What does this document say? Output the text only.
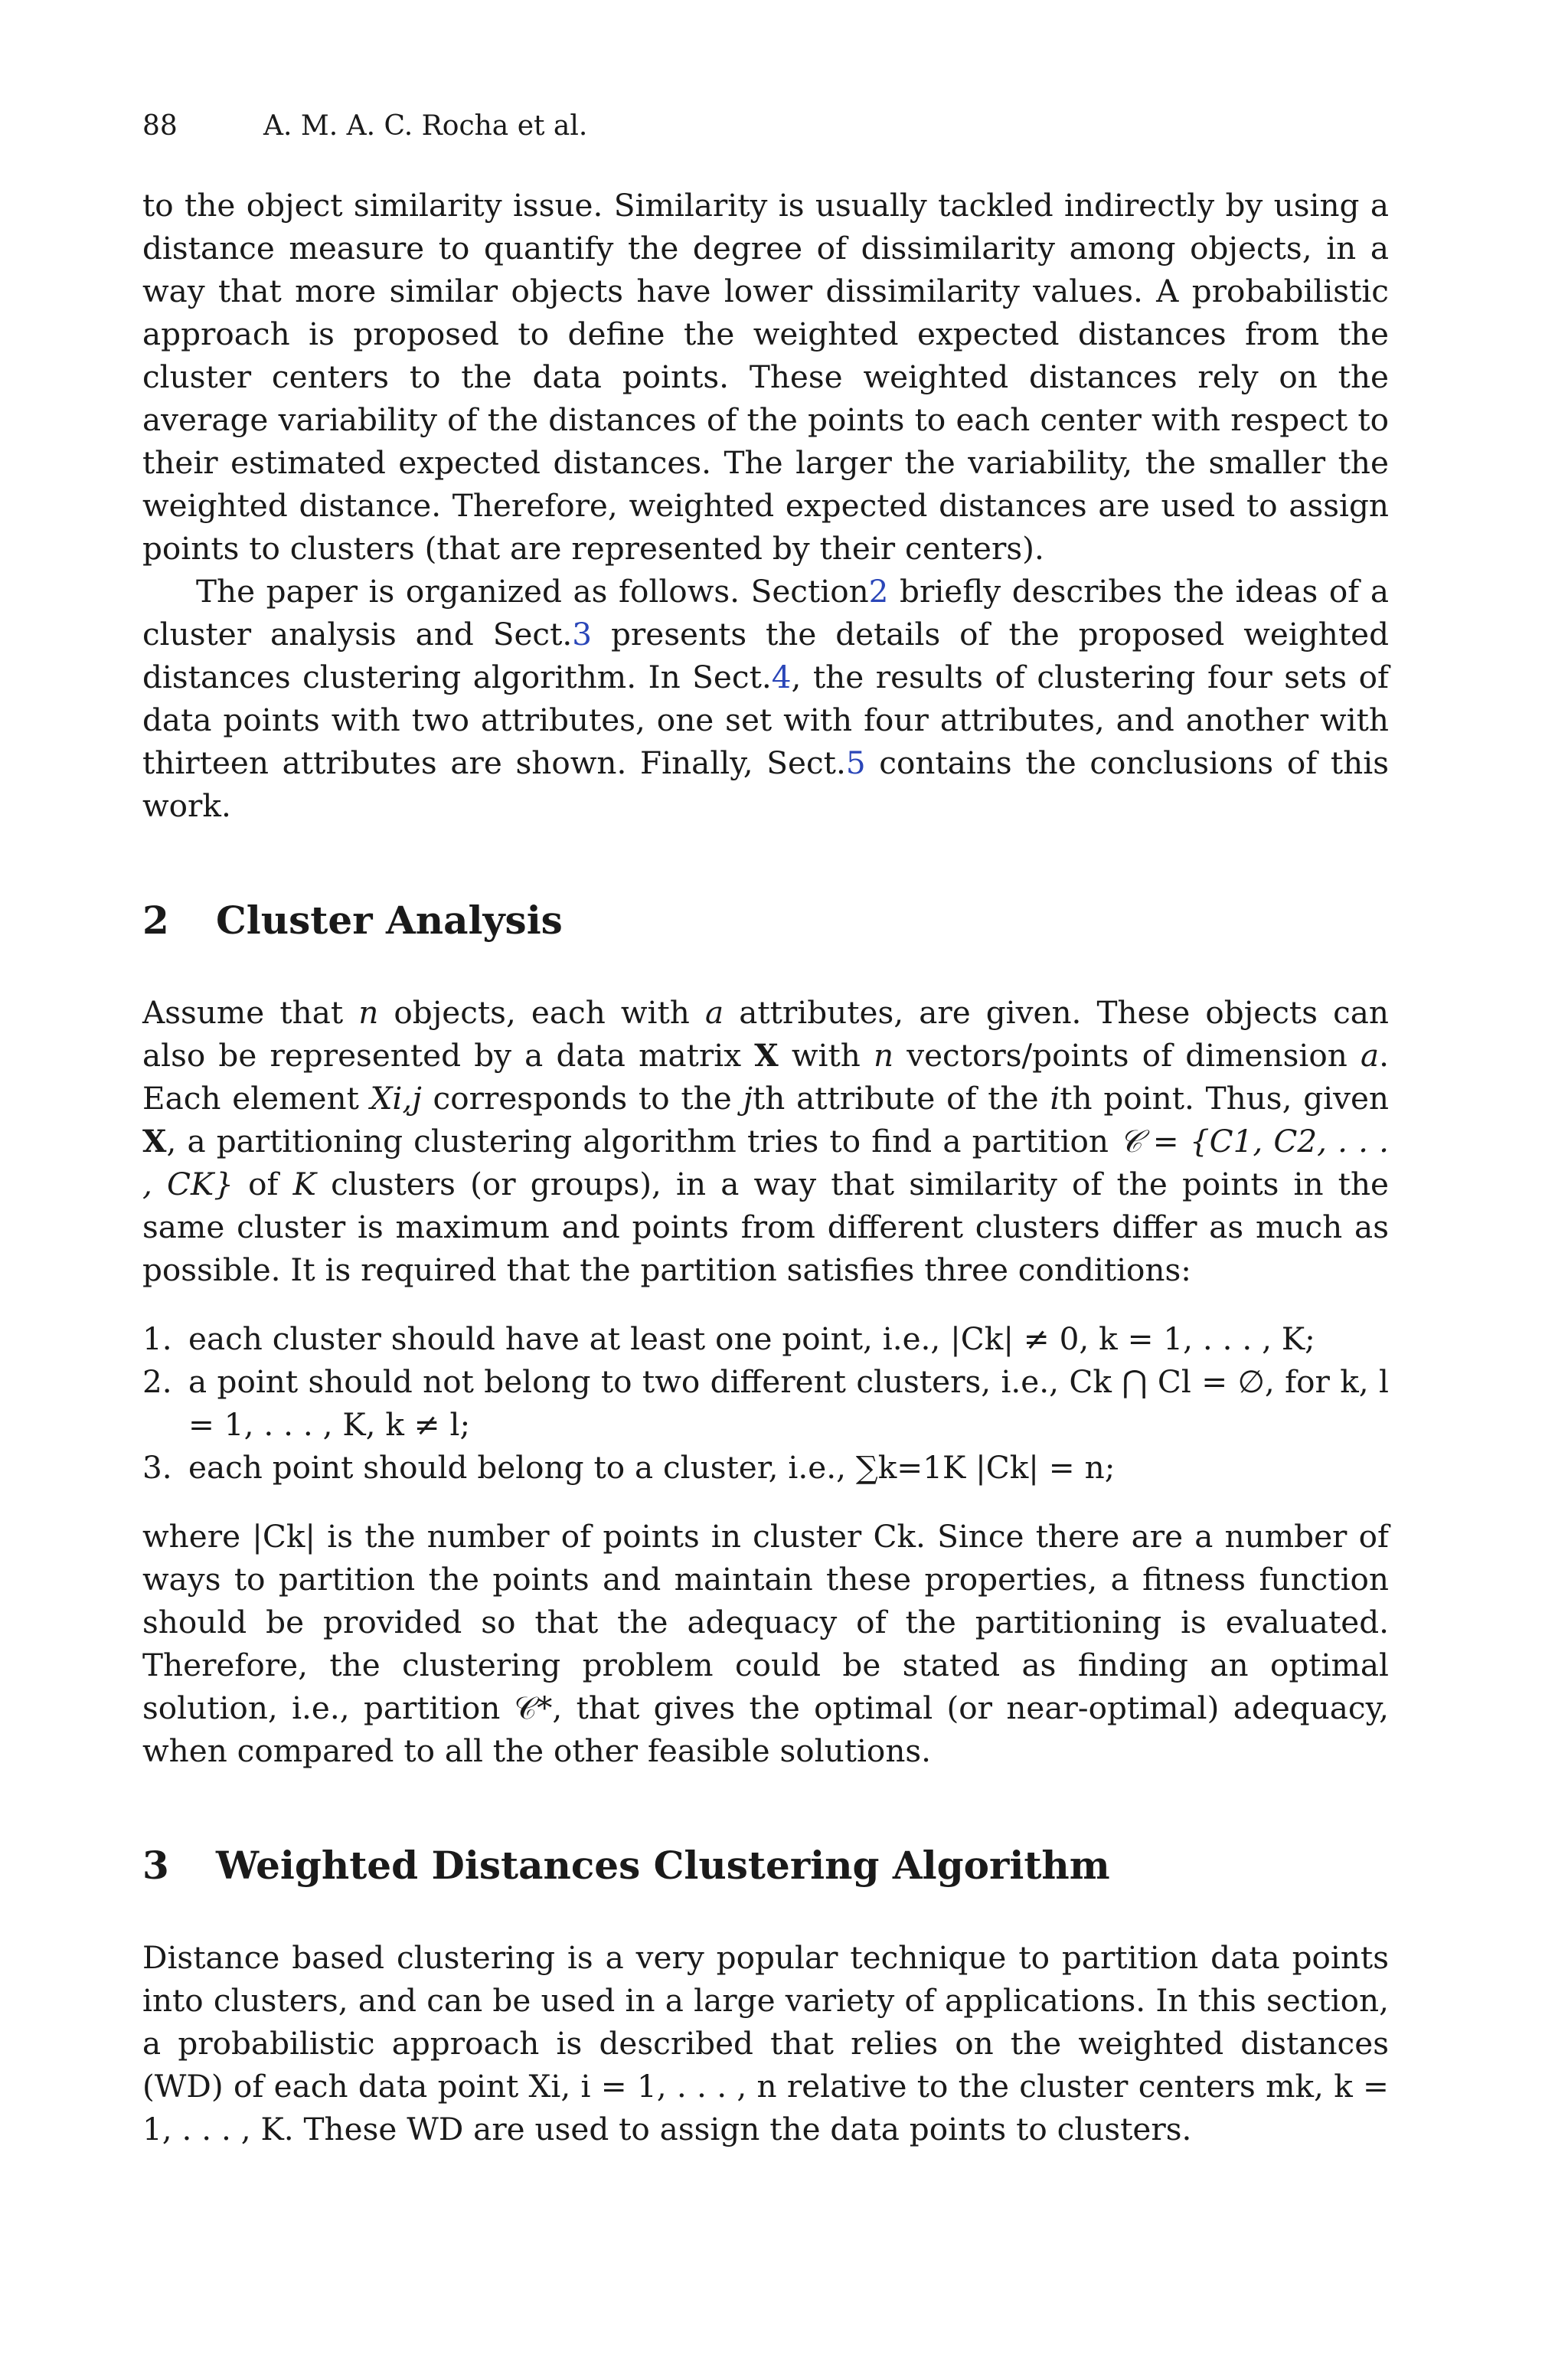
88	A. M. A. C. Rocha et al.

to the object similarity issue. Similarity is usually tackled indirectly by using a distance measure to quantify the degree of dissimilarity among objects, in a way that more similar objects have lower dissimilarity values. A probabilistic approach is proposed to define the weighted expected distances from the cluster centers to the data points. These weighted distances rely on the average variability of the distances of the points to each center with respect to their estimated expected distances. The larger the variability, the smaller the weighted distance. Therefore, weighted expected distances are used to assign points to clusters (that are represented by their centers).

The paper is organized as follows. Section2 briefly describes the ideas of a cluster analysis and Sect.3 presents the details of the proposed weighted distances clustering algorithm. In Sect.4, the results of clustering four sets of data points with two attributes, one set with four attributes, and another with thirteen attributes are shown. Finally, Sect.5 contains the conclusions of this work.

2 Cluster Analysis

Assume that n objects, each with a attributes, are given. These objects can also be represented by a data matrix X with n vectors/points of dimension a. Each element Xi,j corresponds to the jth attribute of the ith point. Thus, given X, a partitioning clustering algorithm tries to find a partition 𝒞 = {C1, C2, . . . , CK} of K clusters (or groups), in a way that similarity of the points in the same cluster is maximum and points from different clusters differ as much as possible. It is required that the partition satisfies three conditions:

1. each cluster should have at least one point, i.e., |Ck| ≠ 0, k = 1, . . . , K;
2. a point should not belong to two different clusters, i.e., Ck ⋂ Cl = ∅, for k, l = 1, . . . , K, k ≠ l;
3. each point should belong to a cluster, i.e., ∑k=1K |Ck| = n;

where |Ck| is the number of points in cluster Ck. Since there are a number of ways to partition the points and maintain these properties, a fitness function should be provided so that the adequacy of the partitioning is evaluated. Therefore, the clustering problem could be stated as finding an optimal solution, i.e., partition 𝒞*, that gives the optimal (or near-optimal) adequacy, when compared to all the other feasible solutions.

3 Weighted Distances Clustering Algorithm

Distance based clustering is a very popular technique to partition data points into clusters, and can be used in a large variety of applications. In this section, a probabilistic approach is described that relies on the weighted distances (WD) of each data point Xi, i = 1, . . . , n relative to the cluster centers mk, k = 1, . . . , K. These WD are used to assign the data points to clusters.
